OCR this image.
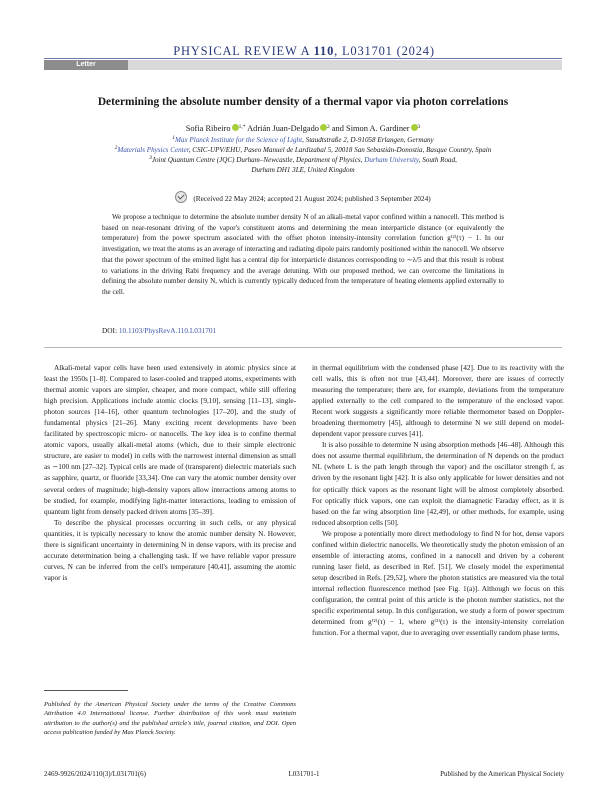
PHYSICAL REVIEW A 110, L031701 (2024)
Letter
Determining the absolute number density of a thermal vapor via photon correlations
Sofia Ribeiro $^{1,*}$ Adrián Juan-Delgado $^2$ and Simon A. Gardiner $^3$
$^1$Max Planck Institute for the Science of Light, Staudtstraße 2, D-91058 Erlangen, Germany
$^2$Materials Physics Center, CSIC-UPV/EHU, Paseo Manuel de Lardizabal 5, 20018 San Sebastián-Donostia, Basque Country, Spain
$^3$Joint Quantum Centre (JQC) Durham–Newcastle, Department of Physics, Durham University, South Road,
Durham DH1 3LE, United Kingdom
(Received 22 May 2024; accepted 21 August 2024; published 3 September 2024)
We propose a technique to determine the absolute number density N of an alkali-metal vapor confined within a nanocell. This method is based on near-resonant driving of the vapor's constituent atoms and determining the mean interparticle distance (or equivalently the temperature) from the power spectrum associated with the offset photon intensity-intensity correlation function g⁽²⁾(τ) − 1. In our investigation, we treat the atoms as an average of interacting and radiating dipole pairs randomly positioned within the nanocell. We observe that the power spectrum of the emitted light has a central dip for interparticle distances corresponding to ∼λ/5 and that this result is robust to variations in the driving Rabi frequency and the average detuning. With our proposed method, we can overcome the limitations in defining the absolute number density N, which is currently typically deduced from the temperature of heating elements applied externally to the cell.
DOI: 10.1103/PhysRevA.110.L031701

Alkali-metal vapor cells have been used extensively in atomic physics since at least the 1950s [1–8]. Compared to laser-cooled and trapped atoms, experiments with thermal atomic vapors are simpler, cheaper, and more compact, while still offering high precision. Applications include atomic clocks [9,10], sensing [11–13], single-photon sources [14–16], other quantum technologies [17–20], and the study of fundamental physics [21–26]. Many exciting recent developments have been facilitated by spectroscopic micro- or nanocells. The key idea is to confine thermal atomic vapors, usually alkali-metal atoms (which, due to their simple electronic structure, are easier to model) in cells with the narrowest internal dimension as small as ∼100 nm [27–32]. Typical cells are made of (transparent) dielectric materials such as sapphire, quartz, or fluoride [33,34]. One can vary the atomic number density over several orders of magnitude; high-density vapors allow interactions among atoms to be studied, for example, modifying light-matter interactions, leading to emission of quantum light from densely packed driven atoms [35–39].

To describe the physical processes occurring in such cells, or any physical quantities, it is typically necessary to know the atomic number density N. However, there is significant uncertainty in determining N in dense vapors, with its precise and accurate determination being a challenging task. If we have reliable vapor pressure curves, N can be inferred from the cell's temperature [40,41], assuming the atomic vapor is

in thermal equilibrium with the condensed phase [42]. Due to its reactivity with the cell walls, this is often not true [43,44]. Moreover, there are issues of correctly measuring the temperature; there are, for example, deviations from the temperature applied externally to the cell compared to the temperature of the enclosed vapor. Recent work suggests a significantly more reliable thermometer based on Doppler-broadening thermometry [45], although to determine N we still depend on model-dependent vapor pressure curves [41].

It is also possible to determine N using absorption methods [46–48]. Although this does not assume thermal equilibrium, the determination of N depends on the product NL (where L is the path length through the vapor) and the oscillator strength f, as driven by the resonant light [42]. It is also only applicable for lower densities and not for optically thick vapors as the resonant light will be almost completely absorbed. For optically thick vapors, one can exploit the diamagnetic Faraday effect, as it is based on the far wing absorption line [42,49], or other methods, for example, using reduced absorption cells [50].

We propose a potentially more direct methodology to find N for hot, dense vapors confined within dielectric nanocells. We theoretically study the photon emission of an ensemble of interacting atoms, confined in a nanocell and driven by a coherent running laser field, as described in Ref. [51]. We closely model the experimental setup described in Refs. [29,52], where the photon statistics are measured via the total internal reflection fluorescence method [see Fig. 1(a)]. Although we focus on this configuration, the central point of this article is the photon number statistics, not the specific experimental setup. In this configuration, we study a form of power spectrum determined from g⁽²⁾(τ) − 1, where g⁽²⁾(τ) is the intensity-intensity correlation function. For a thermal vapor, due to averaging over essentially random phase terms,

Published by the American Physical Society under the terms of the Creative Commons Attribution 4.0 International license. Further distribution of this work must maintain attribution to the author(s) and the published article's title, journal citation, and DOI. Open access publication funded by Max Planck Society.
2469-9926/2024/110(3)/L031701(6)	L031701-1	Published by the American Physical Society
